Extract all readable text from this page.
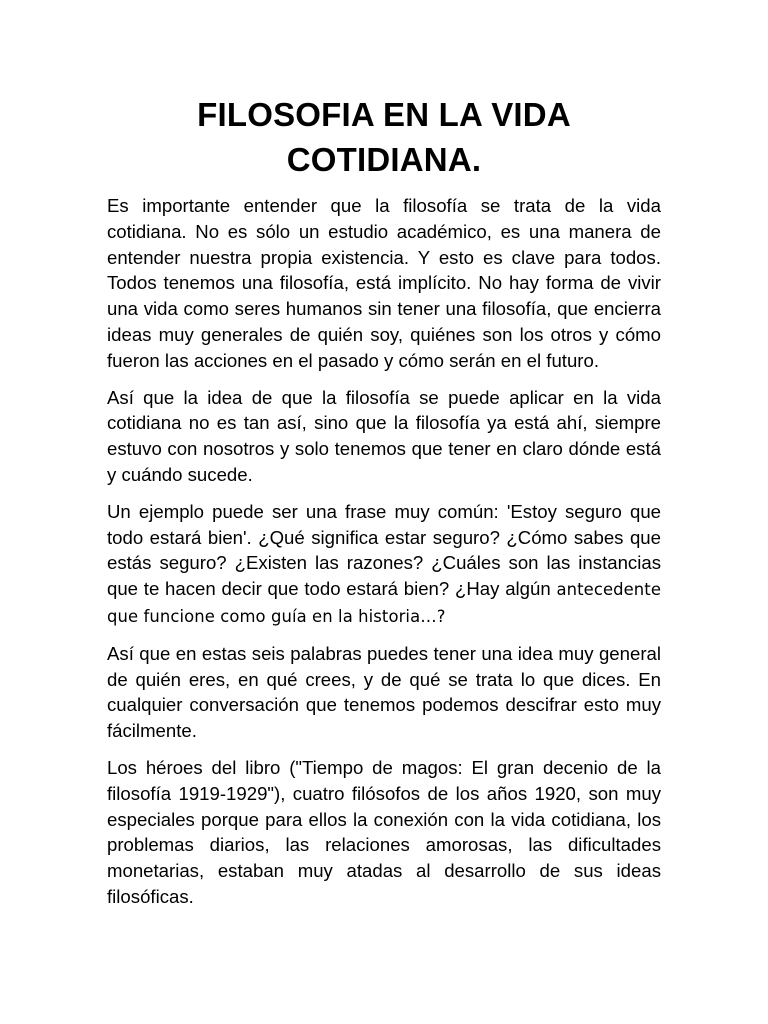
FILOSOFIA EN LA VIDA
COTIDIANA.

Es importante entender que la filosofía se trata de la vida cotidiana. No es sólo un estudio académico, es una manera de entender nuestra propia existencia. Y esto es clave para todos. Todos tenemos una filosofía, está implícito. No hay forma de vivir una vida como seres humanos sin tener una filosofía, que encierra ideas muy generales de quién soy, quiénes son los otros y cómo fueron las acciones en el pasado y cómo serán en el futuro.

Así que la idea de que la filosofía se puede aplicar en la vida cotidiana no es tan así, sino que la filosofía ya está ahí, siempre estuvo con nosotros y solo tenemos que tener en claro dónde está y cuándo sucede.

Un ejemplo puede ser una frase muy común: 'Estoy seguro que todo estará bien'. ¿Qué significa estar seguro? ¿Cómo sabes que estás seguro? ¿Existen las razones? ¿Cuáles son las instancias que te hacen decir que todo estará bien? ¿Hay algún antecedente que funcione como guía en la historia…?

Así que en estas seis palabras puedes tener una idea muy general de quién eres, en qué crees, y de qué se trata lo que dices. En cualquier conversación que tenemos podemos descifrar esto muy fácilmente.

Los héroes del libro ("Tiempo de magos: El gran decenio de la filosofía 1919-1929"), cuatro filósofos de los años 1920, son muy especiales porque para ellos la conexión con la vida cotidiana, los problemas diarios, las relaciones amorosas, las dificultades monetarias, estaban muy atadas al desarrollo de sus ideas filosóficas.
